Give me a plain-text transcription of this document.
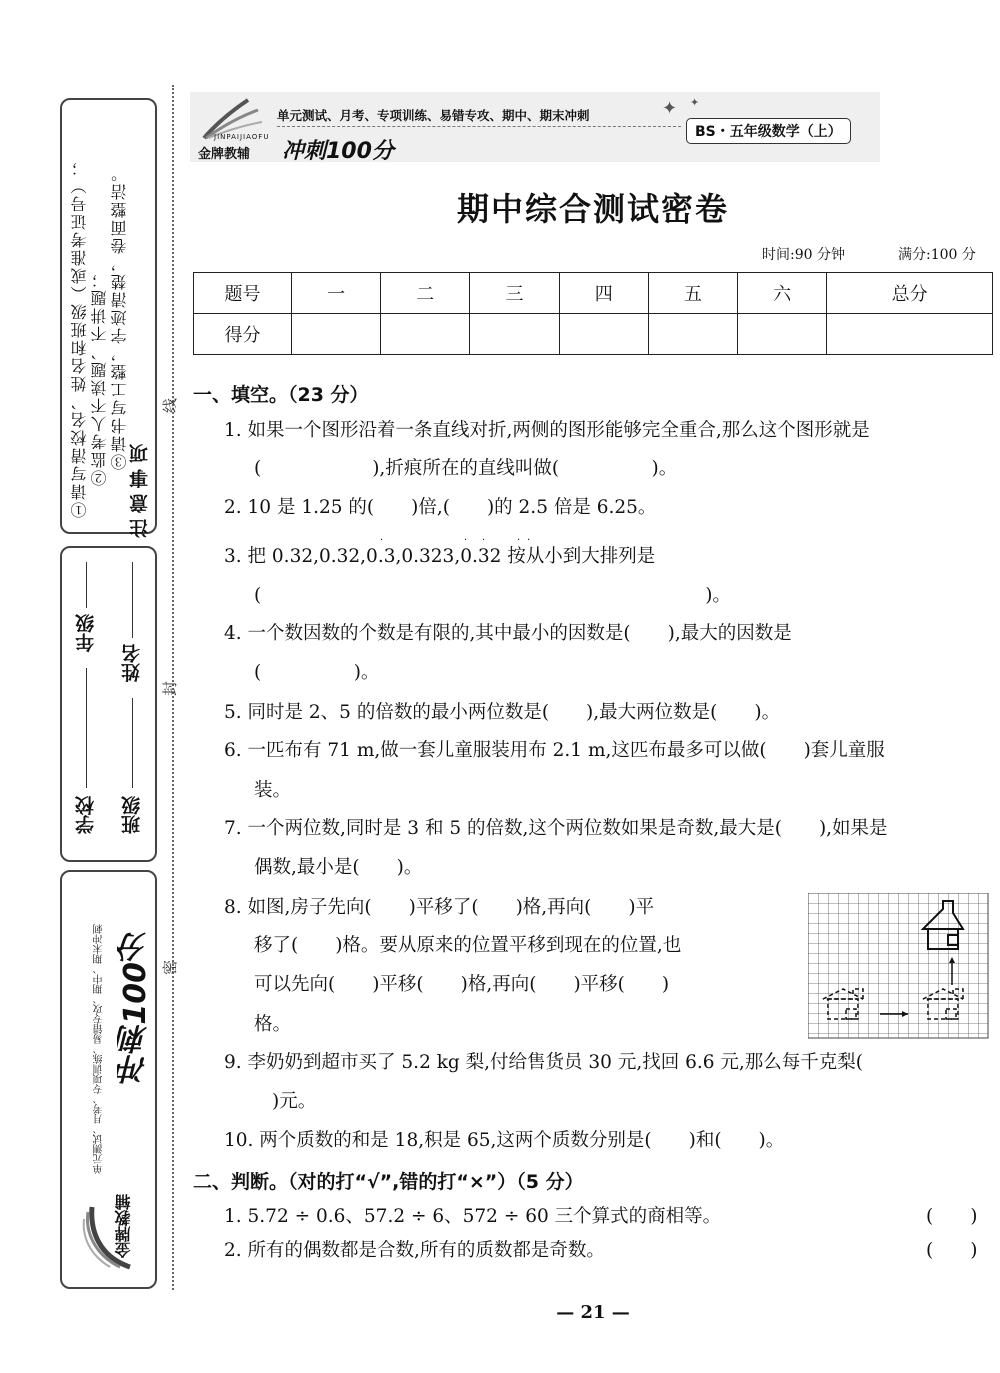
注意事项
①请写清校名、姓名和班级（或准考证号）； ②监考人不读题、不讲题； ③请书写工整，字迹清楚，卷面整洁。
学校
年级
班级
姓名
单元测试、月考、专项训练、易错专攻、期中、期末冲刺 冲刺100分
金牌教辅
线
封
密
JINPAIJIAOFU
金牌教辅 冲刺100分
单元测试、月考、专项训练、易错专攻、期中、期末冲刺	✦ ✦
BS・五年级数学（上）
期中综合测试密卷
时间:90 分钟	满分:100 分
题号	一	二	三	四	五	六	总分
得分							
一、填空。（23 分）
1. 如果一个图形沿着一条直线对折,两侧的图形能够完全重合,那么这个图形就是
(　　　　　　),折痕所在的直线叫做(　　　　　)。
2. 10 是 1.25 的(　　)倍,(　　)的 2.5 倍是 6.25。
3. 把 0.32,0.32,0.3,0.323,0.32 按从小到大排列是
·	· ·	· ·
(　　　　　　　　　　　　　　　　　　　　　　　　)。
4. 一个数因数的个数是有限的,其中最小的因数是(　　),最大的因数是
(　　　　　)。
5. 同时是 2、5 的倍数的最小两位数是(　　),最大两位数是(　　)。
6. 一匹布有 71 m,做一套儿童服装用布 2.1 m,这匹布最多可以做(　　)套儿童服
装。
7. 一个两位数,同时是 3 和 5 的倍数,这个两位数如果是奇数,最大是(　　),如果是
偶数,最小是(　　)。
8. 如图,房子先向(　　)平移了(　　)格,再向(　　)平
移了(　　)格。要从原来的位置平移到现在的位置,也
可以先向(　　)平移(　　)格,再向(　　)平移(　　)
格。
9. 李奶奶到超市买了 5.2 kg 梨,付给售货员 30 元,找回 6.6 元,那么每千克梨(
)元。
10. 两个质数的和是 18,积是 65,这两个质数分别是(　　)和(　　)。
二、判断。（对的打“√”,错的打“×”）（5 分）
1. 5.72 ÷ 0.6、57.2 ÷ 6、572 ÷ 60 三个算式的商相等。	(　　)
2. 所有的偶数都是合数,所有的质数都是奇数。	(　　)
— 21 —
